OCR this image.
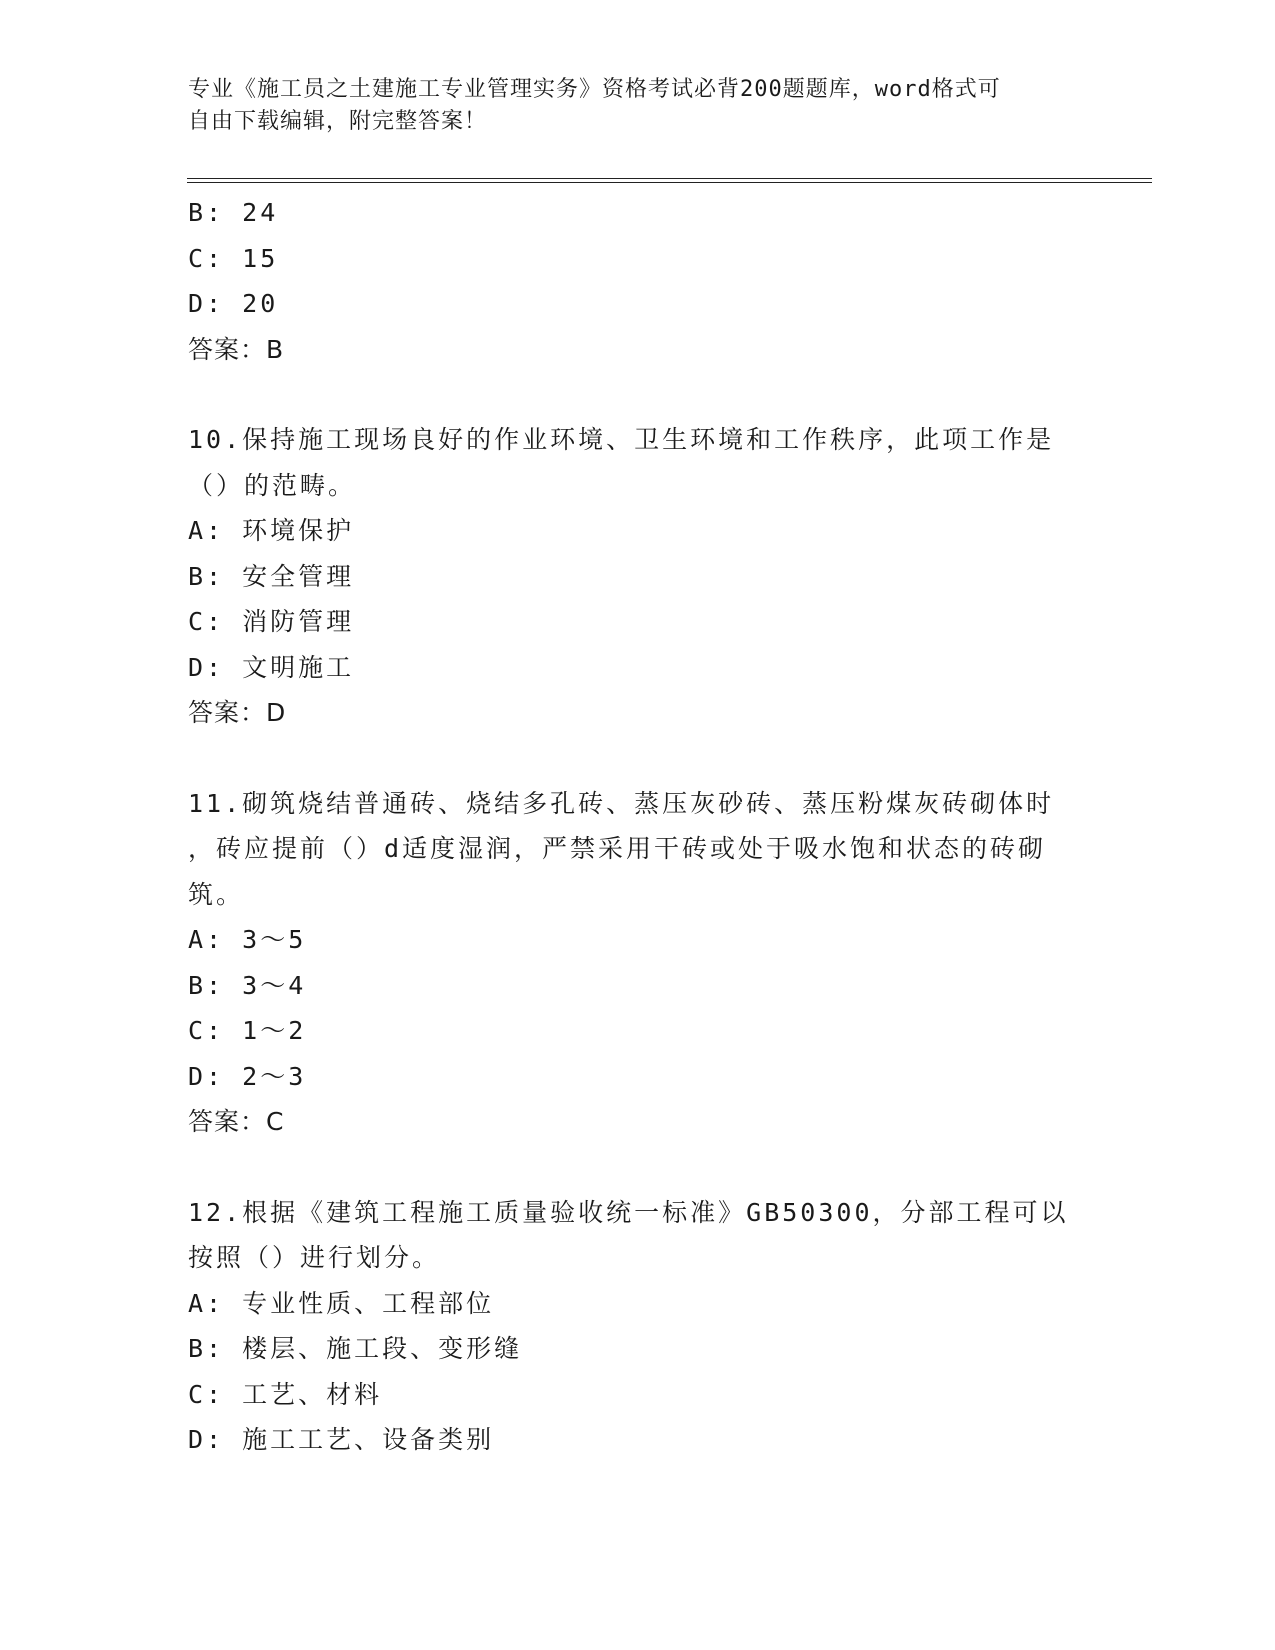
专业《施工员之土建施工专业管理实务》资格考试必背200题题库，word格式可
自由下载编辑，附完整答案！

B: 24

C: 15

D: 20

答案：B

10.保持施工现场良好的作业环境、卫生环境和工作秩序，此项工作是

（）的范畴。

A: 环境保护

B: 安全管理

C: 消防管理

D: 文明施工

答案：D

11.砌筑烧结普通砖、烧结多孔砖、蒸压灰砂砖、蒸压粉煤灰砖砌体时

，砖应提前（）d适度湿润，严禁采用干砖或处于吸水饱和状态的砖砌

筑。

A: 3～5

B: 3～4

C: 1～2

D: 2～3

答案：C

12.根据《建筑工程施工质量验收统一标准》GB50300，分部工程可以

按照（）进行划分。

A: 专业性质、工程部位

B: 楼层、施工段、变形缝

C: 工艺、材料

D: 施工工艺、设备类别
